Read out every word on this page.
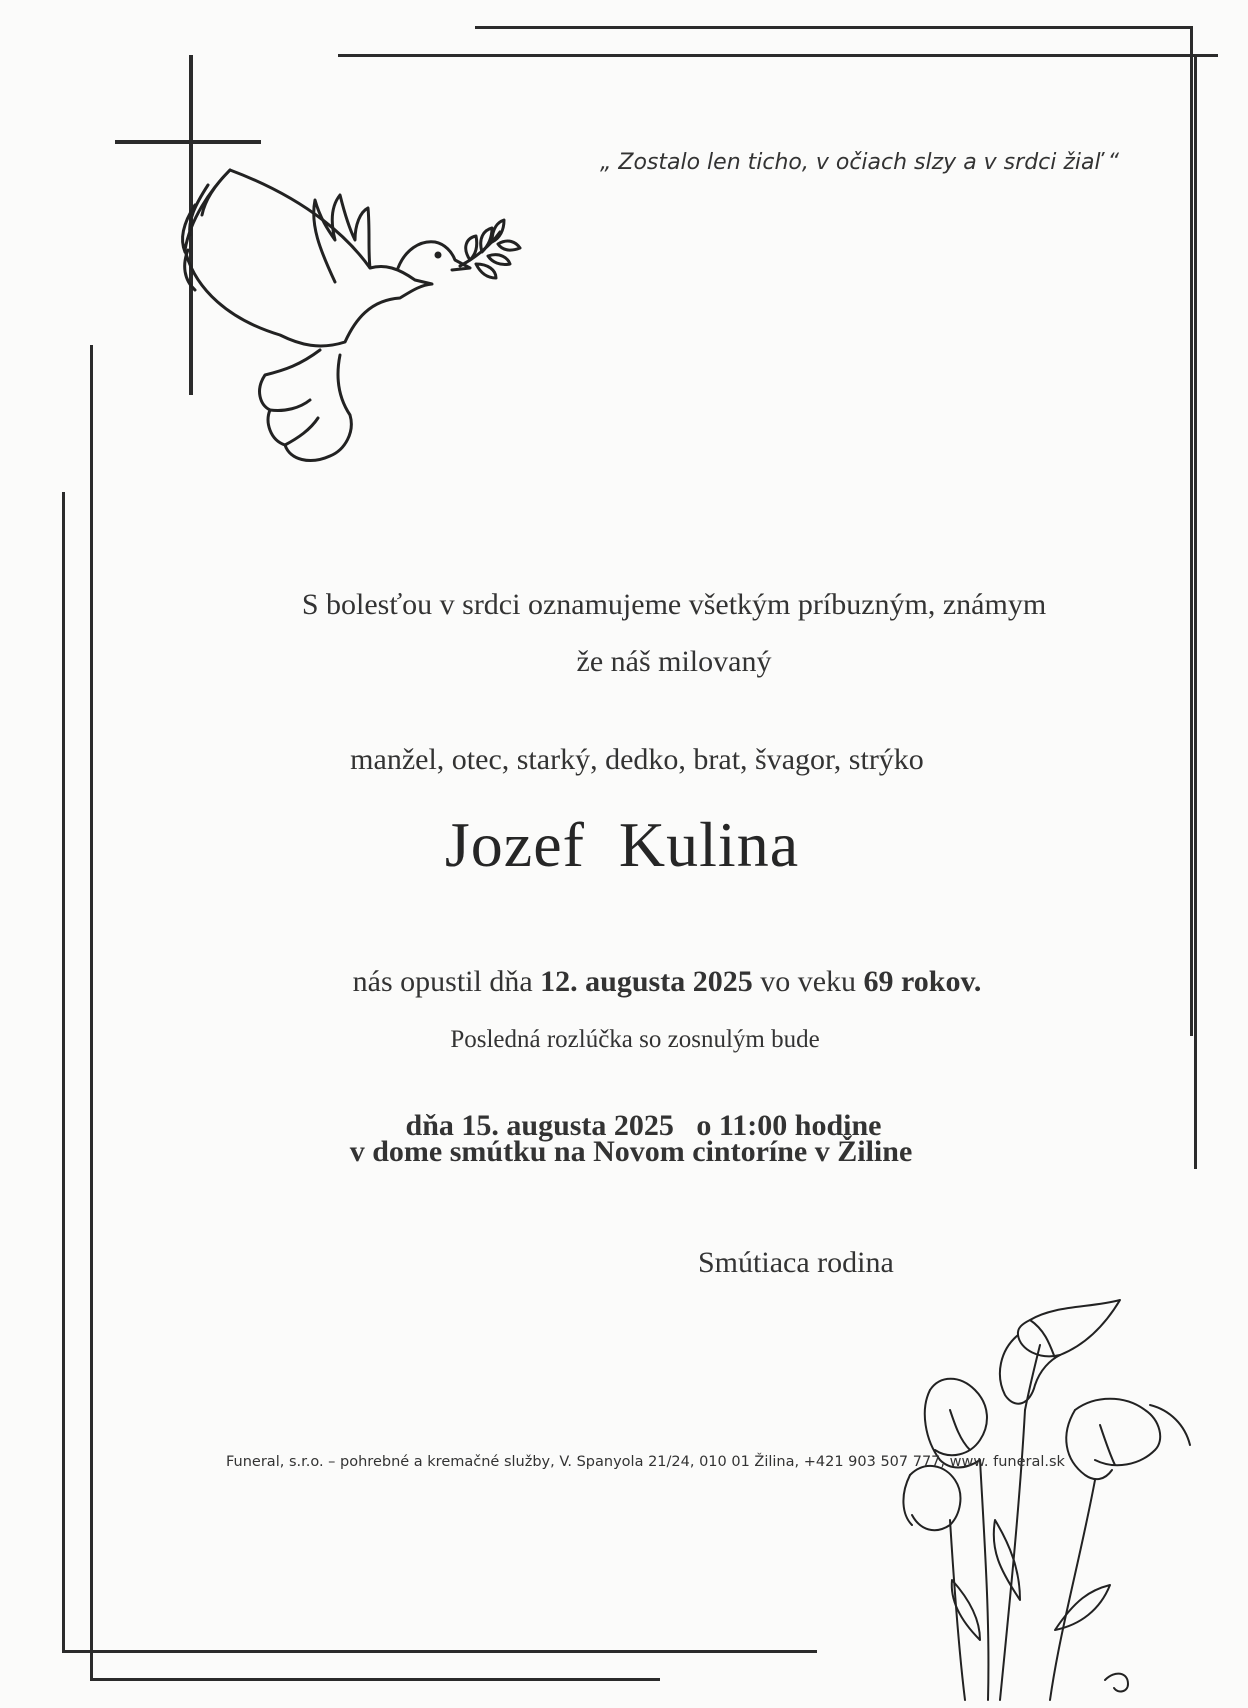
„ Zostalo len ticho, v očiach slzy a v srdci žiaľ “
S bolesťou v srdci oznamujeme všetkým príbuzným, známym
že náš milovaný
manžel, otec, starký, dedko, brat, švagor, strýko
Jozef  Kulina
nás opustil dňa 12. augusta 2025 vo veku 69 rokov.
Posledná rozlúčka so zosnulým bude

dňa 15. augusta 2025 o 11:00 hodine

v dome smútku na Novom cintoríne v Žiline
Smútiaca rodina
Funeral, s.r.o. – pohrebné a kremačné služby, V. Spanyola 21/24, 010 01 Žilina, +421 903 507 777, www. funeral.sk
